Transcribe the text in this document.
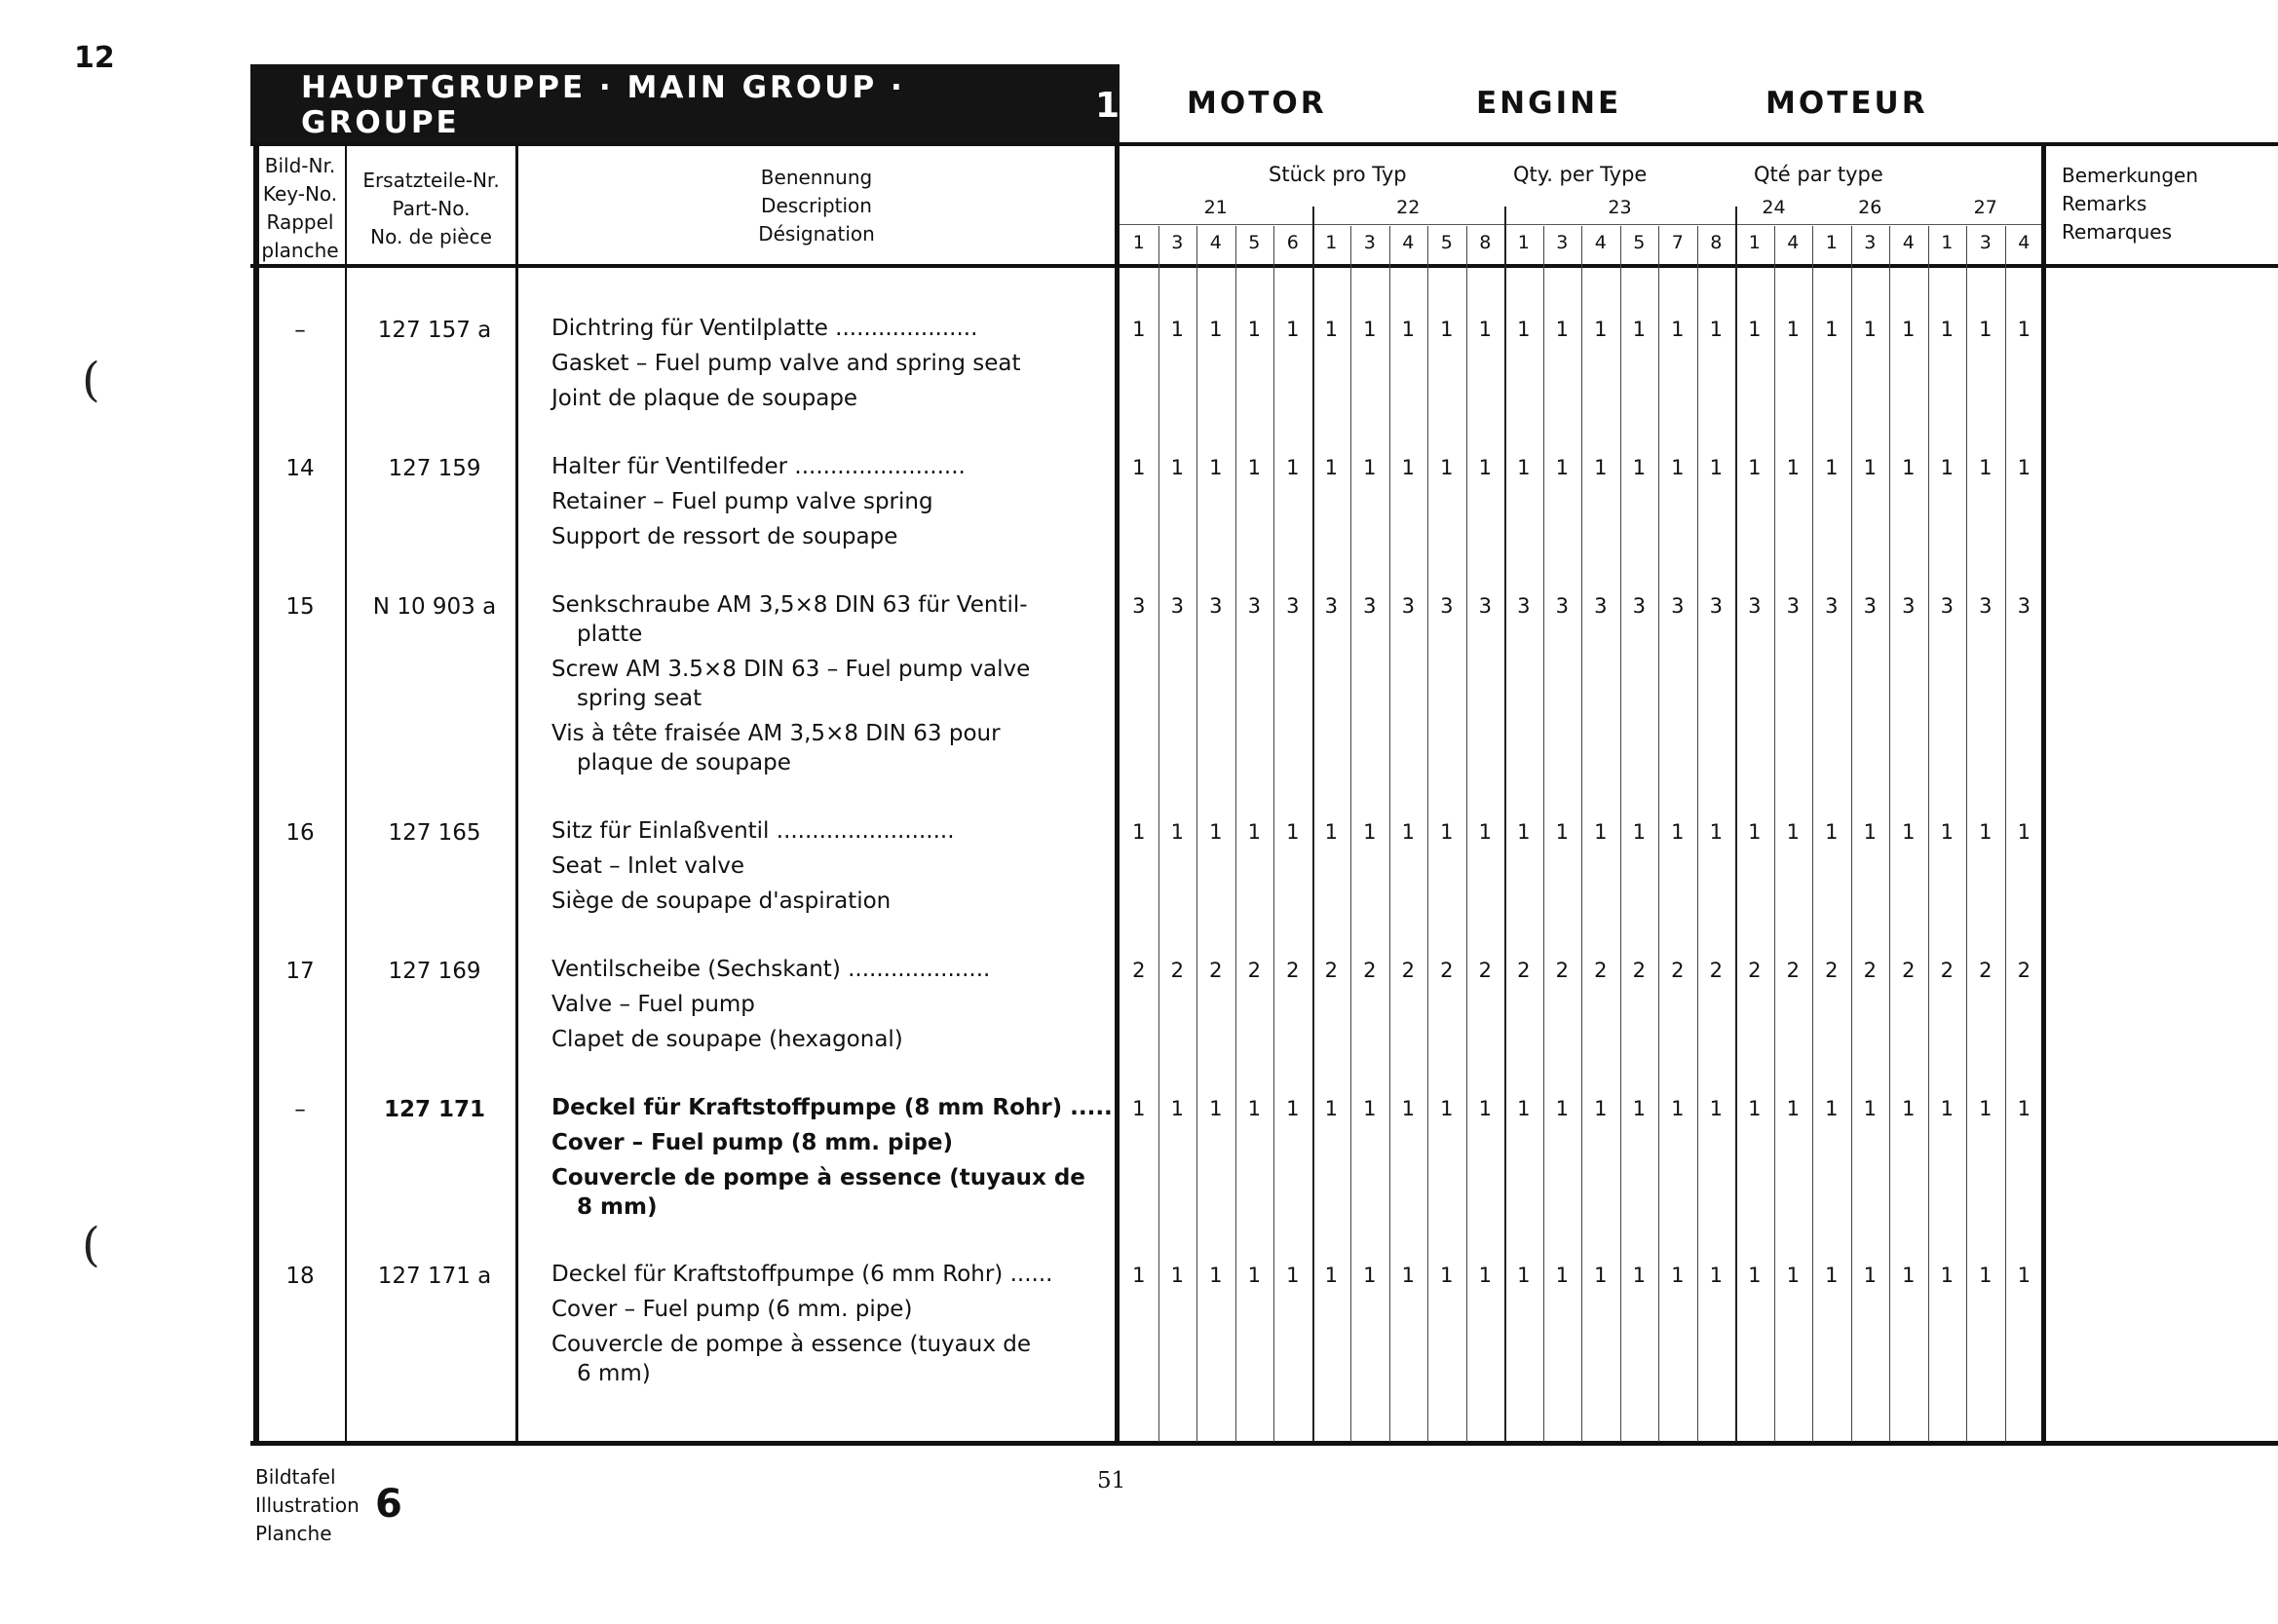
12
HAUPTGRUPPE · MAIN GROUP · GROUPE	1 MOTOR	ENGINE	MOTEUR
Bild-Nr.
Key-No.
Rappel
planche
Ersatzteile-Nr.
Part-No.
No. de pièce
Benennung
Description
Désignation
Stück pro Typ	Qty. per Type	Qté par type
21	22	23	24	26	27
1 3 4 5 6 1 3 4 5 8 1 3 4 5 7 8 1 4 1 3 4 1 3 4
Bemerkungen
Remarks
Remarques
–	127 157 a	Dichtring für Ventilplatte ....................
Gasket – Fuel pump valve and spring seat
Joint de plaque de soupape
1 1 1 1 1 1 1 1 1 1 1 1 1 1 1 1 1 1 1 1 1 1 1 1
14	127 159	Halter für Ventilfeder ........................
Retainer – Fuel pump valve spring
Support de ressort de soupape
1 1 1 1 1 1 1 1 1 1 1 1 1 1 1 1 1 1 1 1 1 1 1 1
15	N 10 903 a	Senkschraube AM 3,5×8 DIN 63 für Ventil-
platte
Screw AM 3.5×8 DIN 63 – Fuel pump valve
spring seat
Vis à tête fraisée AM 3,5×8 DIN 63 pour
plaque de soupape
3 3 3 3 3 3 3 3 3 3 3 3 3 3 3 3 3 3 3 3 3 3 3 3
16	127 165	Sitz für Einlaßventil .........................
Seat – Inlet valve
Siège de soupape d'aspiration
1 1 1 1 1 1 1 1 1 1 1 1 1 1 1 1 1 1 1 1 1 1 1 1
17	127 169	Ventilscheibe (Sechskant) ....................
Valve – Fuel pump
Clapet de soupape (hexagonal)
2 2 2 2 2 2 2 2 2 2 2 2 2 2 2 2 2 2 2 2 2 2 2 2
–	127 171	Deckel für Kraftstoffpumpe (8 mm Rohr) ......
Cover – Fuel pump (8 mm. pipe)
Couvercle de pompe à essence (tuyaux de
8 mm)
1 1 1 1 1 1 1 1 1 1 1 1 1 1 1 1 1 1 1 1 1 1 1 1
18	127 171 a	Deckel für Kraftstoffpumpe (6 mm Rohr) ......
Cover – Fuel pump (6 mm. pipe)
Couvercle de pompe à essence (tuyaux de
6 mm)
1 1 1 1 1 1 1 1 1 1 1 1 1 1 1 1 1 1 1 1 1 1 1 1
(
(
Bildtafel
Illustration
Planche
6
51
